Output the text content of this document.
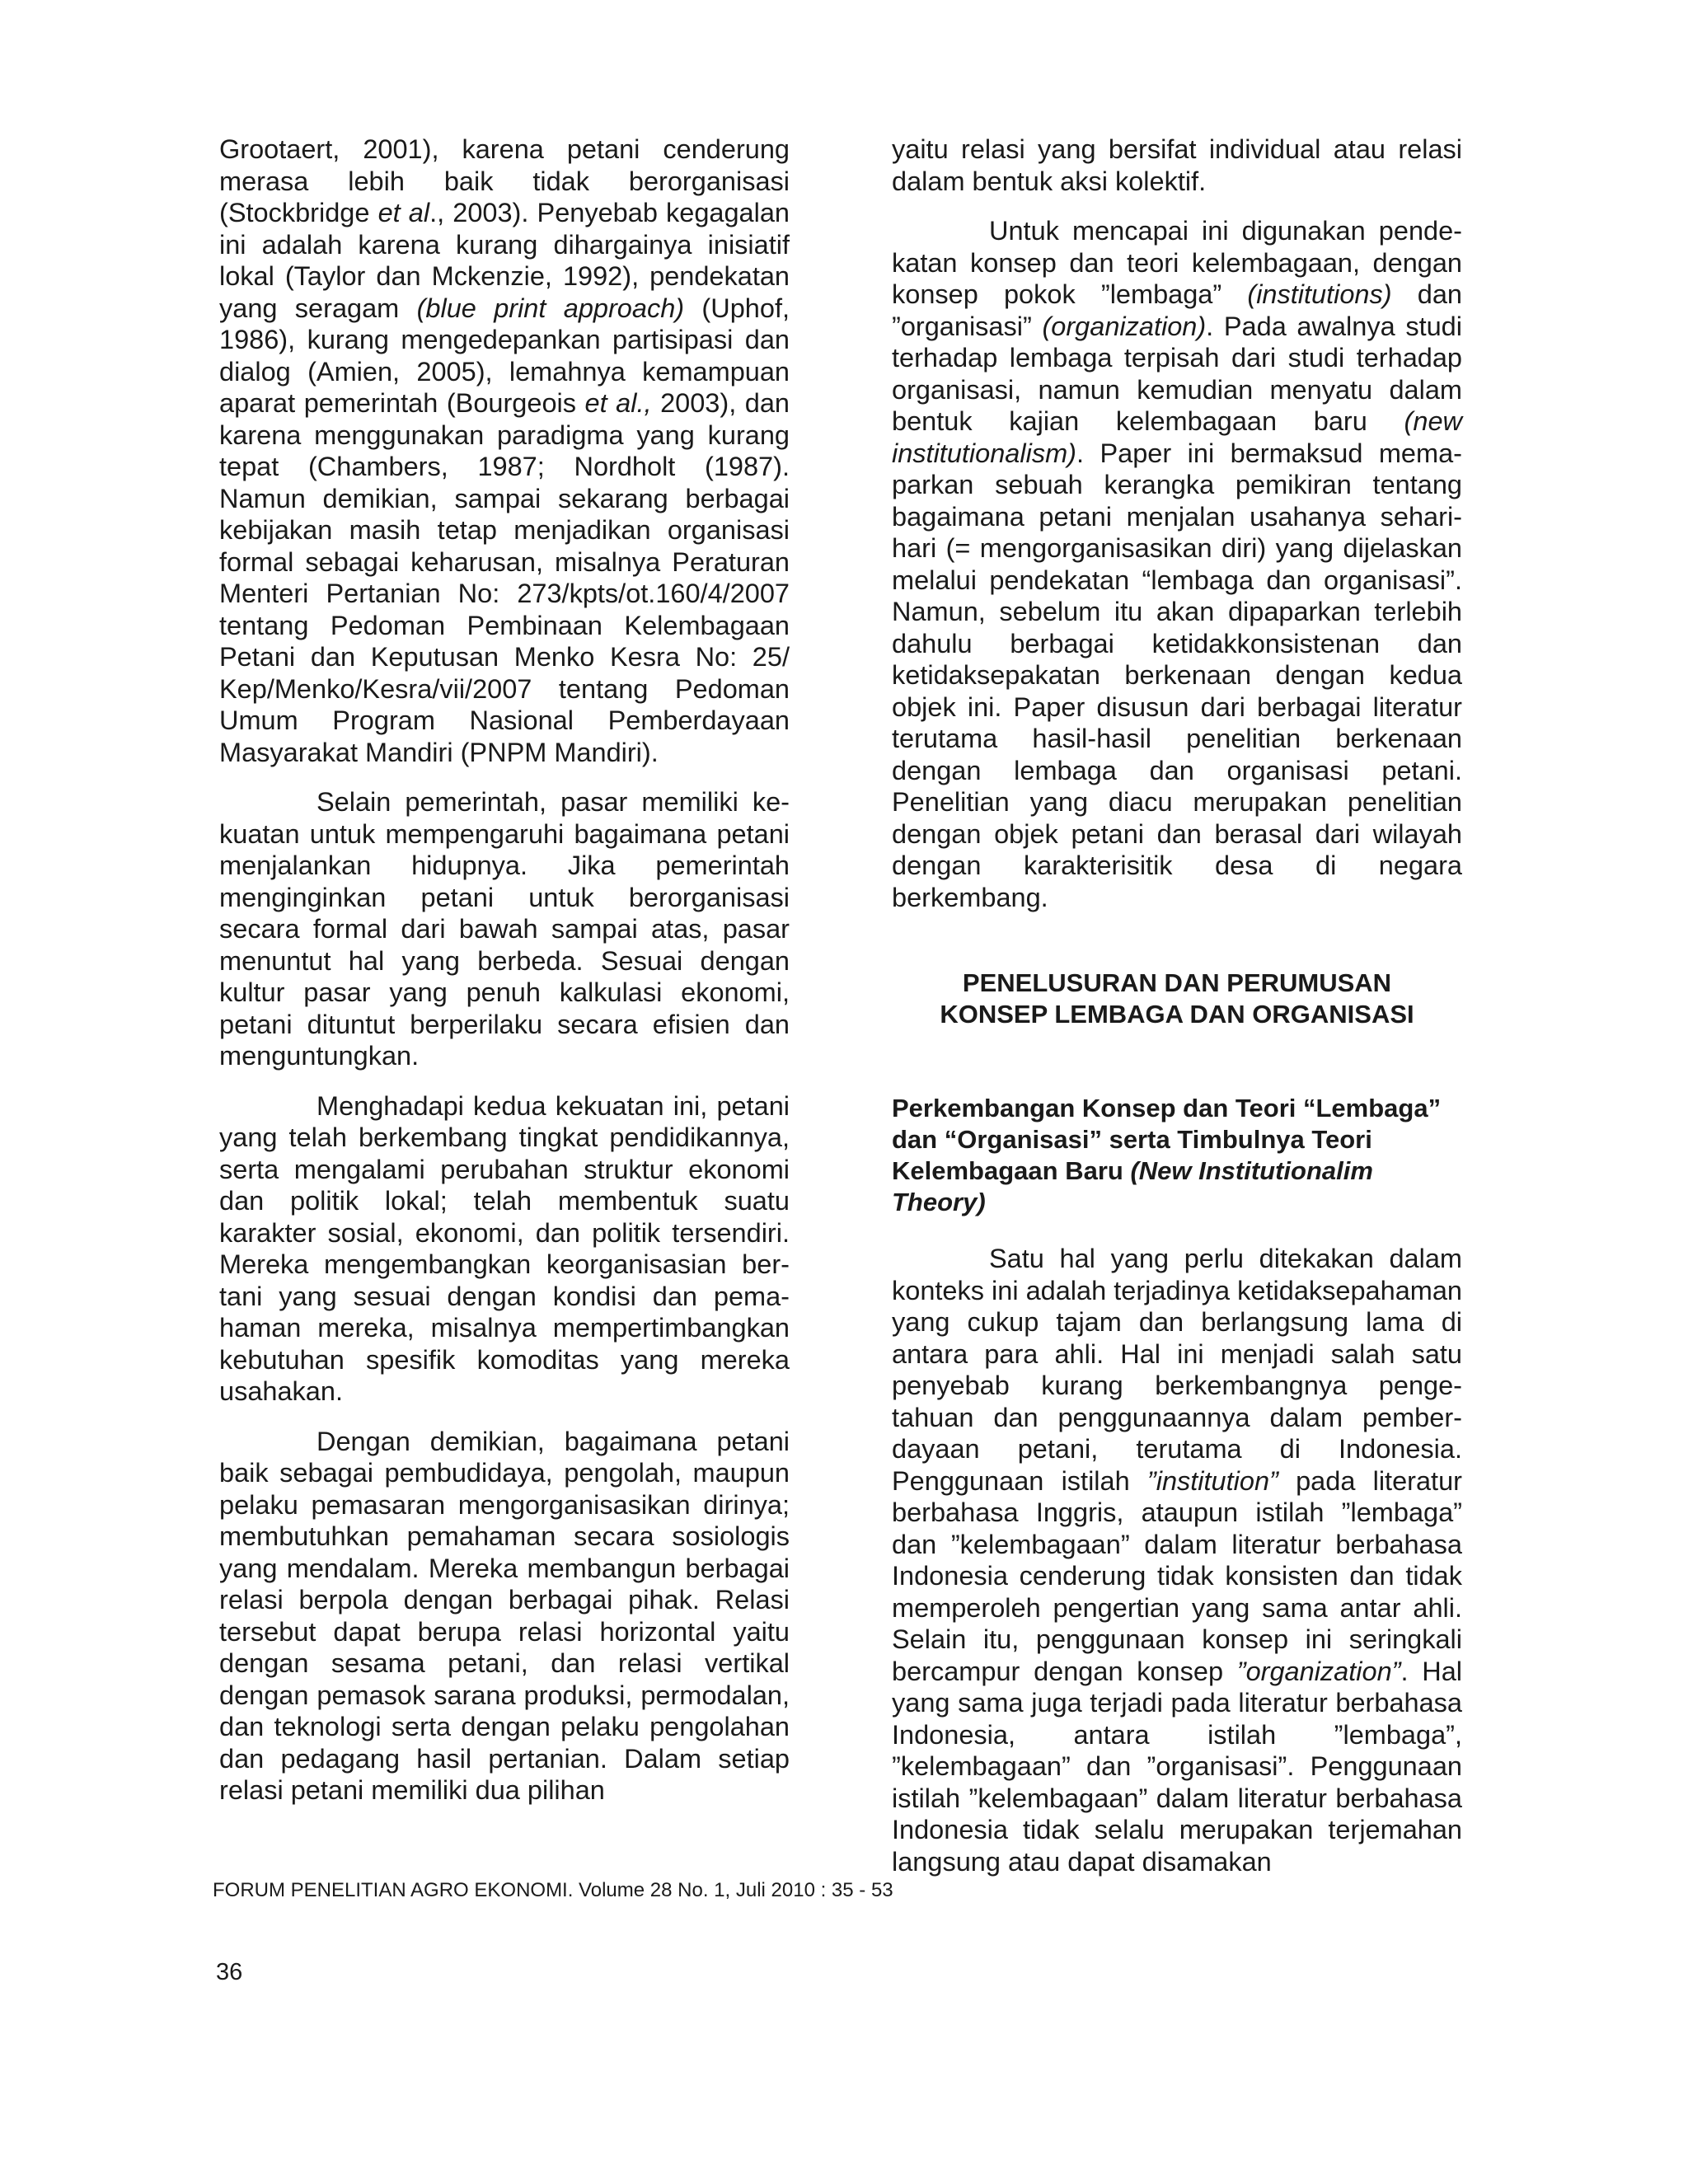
Grootaert, 2001), karena petani cenderung merasa lebih baik tidak berorganisasi (Stockbridge et al., 2003). Penyebab kegagalan ini adalah karena kurang dihargainya inisiatif lokal (Taylor dan Mckenzie, 1992), pendekatan yang seragam (blue print approach) (Uphof, 1986), kurang mengedepankan partisipasi dan dialog (Amien, 2005), lemahnya kemampuan aparat pemerintah (Bourgeois et al., 2003), dan karena menggunakan paradigma yang kurang tepat (Chambers, 1987; Nordholt (1987). Namun demikian, sampai sekarang berbagai kebijakan masih tetap menjadikan organisasi formal sebagai keharusan, misalnya Peraturan Menteri Pertanian No: 273/kpts/ot.160/4/2007 tentang Pedoman Pembinaan Kelembagaan Petani dan Keputusan Menko Kesra No: 25/ Kep/Menko/Kesra/vii/2007 tentang Pedoman Umum Program Nasional Pemberdayaan Masyarakat Mandiri (PNPM Mandiri).

Selain pemerintah, pasar memiliki kekuatan untuk mempengaruhi bagaimana petani menjalankan hidupnya. Jika pemerintah menginginkan petani untuk berorganisasi secara formal dari bawah sampai atas, pasar menuntut hal yang berbeda. Sesuai dengan kultur pasar yang penuh kalkulasi ekonomi, petani dituntut berperilaku secara efisien dan menguntungkan.

Menghadapi kedua kekuatan ini, petani yang telah berkembang tingkat pendidikannya, serta mengalami perubahan struktur ekonomi dan politik lokal; telah membentuk suatu karakter sosial, ekonomi, dan politik tersendiri. Mereka mengembangkan keorganisasian bertani yang sesuai dengan kondisi dan pemahaman mereka, misalnya mempertimbangkan kebutuhan spesifik komoditas yang mereka usahakan.

Dengan demikian, bagaimana petani baik sebagai pembudidaya, pengolah, maupun pelaku pemasaran mengorganisasikan dirinya; membutuhkan pemahaman secara sosiologis yang mendalam. Mereka membangun berbagai relasi berpola dengan berbagai pihak. Relasi tersebut dapat berupa relasi horizontal yaitu dengan sesama petani, dan relasi vertikal dengan pemasok sarana produksi, permodalan, dan teknologi serta dengan pelaku pengolahan dan pedagang hasil pertanian. Dalam setiap relasi petani memiliki dua pilihan

yaitu relasi yang bersifat individual atau relasi dalam bentuk aksi kolektif.

Untuk mencapai ini digunakan pendekatan konsep dan teori kelembagaan, dengan konsep pokok ”lembaga” (institutions) dan ”organisasi” (organization). Pada awalnya studi terhadap lembaga terpisah dari studi terhadap organisasi, namun kemudian menyatu dalam bentuk kajian kelembagaan baru (new institutionalism). Paper ini bermaksud memaparkan sebuah kerangka pemikiran tentang bagaimana petani menjalan usahanya sehari-hari (= mengorganisasikan diri) yang dijelaskan melalui pendekatan “lembaga dan organisasi”. Namun, sebelum itu akan dipaparkan terlebih dahulu berbagai ketidakkonsistenan dan ketidaksepakatan berkenaan dengan kedua objek ini. Paper disusun dari berbagai literatur terutama hasil-hasil penelitian berkenaan dengan lembaga dan organisasi petani. Penelitian yang diacu merupakan penelitian dengan objek petani dan berasal dari wilayah dengan karakterisitik desa di negara berkembang.

PENELUSURAN DAN PERUMUSAN
KONSEP LEMBAGA DAN ORGANISASI
Perkembangan Konsep dan Teori “Lembaga” dan “Organisasi” serta Timbulnya Teori Kelembagaan Baru (New Institutionalim Theory)

Satu hal yang perlu ditekakan dalam konteks ini adalah terjadinya ketidaksepahaman yang cukup tajam dan berlangsung lama di antara para ahli. Hal ini menjadi salah satu penyebab kurang berkembangnya pengetahuan dan penggunaannya dalam pemberdayaan petani, terutama di Indonesia. Penggunaan istilah ”institution” pada literatur berbahasa Inggris, ataupun istilah ”lembaga” dan ”kelembagaan” dalam literatur berbahasa Indonesia cenderung tidak konsisten dan tidak memperoleh pengertian yang sama antar ahli. Selain itu, penggunaan konsep ini seringkali bercampur dengan konsep ”organization”. Hal yang sama juga terjadi pada literatur berbahasa Indonesia, antara istilah ”lembaga”, ”kelembagaan” dan ”organisasi”. Penggunaan istilah ”kelembagaan” dalam literatur berbahasa Indonesia tidak selalu merupakan terjemahan langsung atau dapat disamakan

FORUM PENELITIAN AGRO EKONOMI. Volume 28 No. 1, Juli 2010 : 35 - 53
36
